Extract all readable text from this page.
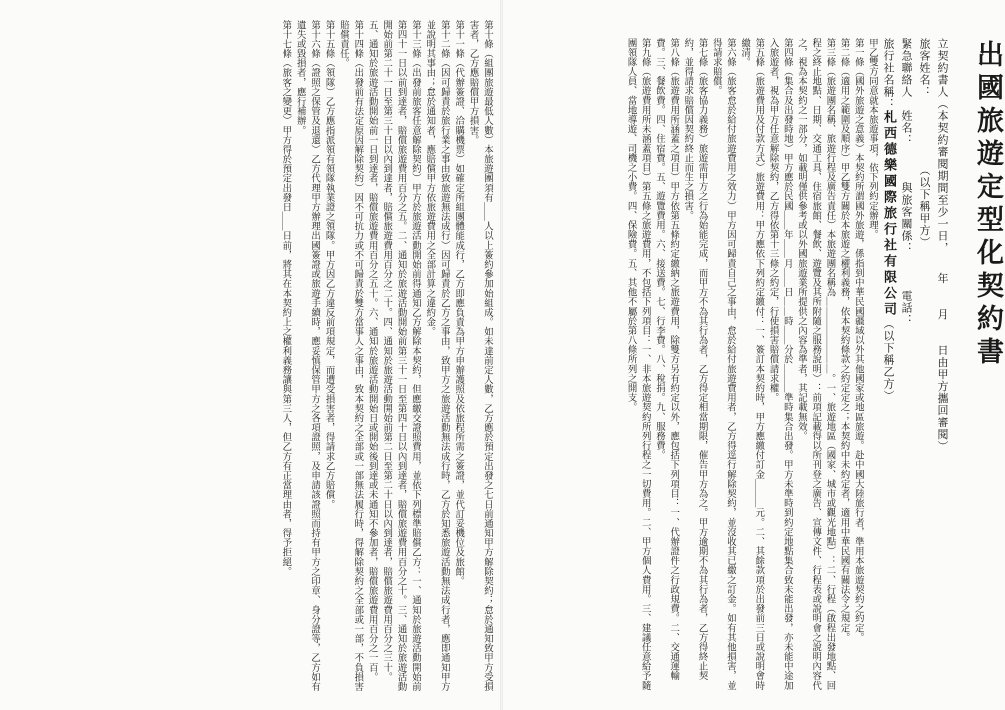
出國旅遊定型化契約書

立契約書人（本契約審閱期間至少一日，　　年　　月　　日由甲方攜回審閱）

旅客姓名：　　　　　　（以下稱甲方）

緊急聯絡人　姓名：　　　與旅客關係：　　　電話：

旅行社名稱：札西德樂國際旅行社有限公司（以下稱乙方）

甲乙雙方同意就本旅遊事項，依下列約定辦理。

第一條（國外旅遊之意義）本契約所謂國外旅遊，係指到中華民國疆域以外其他國家或地區旅遊。赴中國大陸旅行者，準用本旅遊契約之約定。

第二條（適用之範圍及順序）甲乙雙方關於本旅遊之權利義務，依本契約條款之約定定之；本契約中未約定者，適用中華民國有關法令之規定。

第三條（旅遊團名稱、旅遊行程及廣告責任）本旅遊團名稱為＿＿＿＿＿＿＿＿。一、旅遊地區（國家、城市或觀光地點）：二、行程（啟程出發地點、回程之終止地點、日期、交通工具、住宿旅館、餐飲、遊覽及其所附隨之服務說明）：前項記載得以所刊登之廣告、宣傳文件、行程表或說明會之說明內容代之，視為本契約之一部分，如載明僅供參考或以外國旅遊業所提供之內容為準者，其記載無效。

第四條（集合及出發時地）甲方應於民國＿＿年＿＿月＿＿日＿＿時＿＿分於＿＿＿準時集合出發。甲方未準時到約定地點集合致未能出發，亦未能中途加入旅遊者，視為甲方任意解除契約，乙方得依第十三條之約定，行使損害賠償請求權。

第五條（旅遊費用及付款方式）旅遊費用：甲方應依下列約定繳付：一、簽訂本契約時，甲方應繳付訂金＿＿＿元。二、其餘款項於出發前三日或說明會時繳清。

第六條（旅客怠於給付旅遊費用之效力）甲方因可歸責自己之事由，怠於給付旅遊費用者，乙方得逕行解除契約，並沒收其已繳之訂金。如有其他損害，並得請求賠償。

第七條（旅客協力義務）旅遊需甲方之行為始能完成，而甲方不為其行為者，乙方得定相當期限，催告甲方為之。甲方逾期不為其行為者，乙方得終止契約，並得請求賠償因契約終止而生之損害。

第八條（旅遊費用所涵蓋之項目）甲方依第五條約定繳納之旅遊費用，除雙方另有約定以外，應包括下列項目：一、代辦證件之行政規費。二、交通運輸費。三、餐飲費。四、住宿費。五、遊覽費用。六、接送費。七、行李費。八、稅捐。九、服務費。

第九條（旅遊費用所未涵蓋項目）第五條之旅遊費用，不包括下列項目：一、非本旅遊契約所列行程之一切費用。二、甲方個人費用。三、建議任意給予隨團領隊人員、當地導遊、司機之小費。四、保險費。五、其他不屬於第八條所列之開支。

第十條（組團旅遊最低人數）本旅遊團須有＿＿人以上簽約參加始組成。如未達前定人數，乙方應於預定出發之七日前通知甲方解除契約；怠於通知致甲方受損害者，乙方應賠償甲方損害。

第十一條（代辦簽證、洽購機票）如確定所組團體能成行，乙方即應負責為甲方申辦護照及依旅程所需之簽證，並代訂妥機位及旅館。

第十二條（因可歸責於旅行業之事由致旅遊無法成行）因可歸責於乙方之事由，致甲方之旅遊活動無法成行時，乙方於知悉旅遊活動無法成行者，應即通知甲方並說明其事由；怠於通知者，應賠償甲方依旅遊費用之全部計算之違約金。

第十三條（出發前旅客任意解除契約）甲方於旅遊活動開始前得通知乙方解除本契約，但應繳交證照費用，並依下列標準賠償乙方：一、通知於旅遊活動開始前第四十一日以前到達者，賠償旅遊費用百分之五。二、通知於旅遊活動開始前第三十一日至第四十日以內到達者，賠償旅遊費用百分之十。三、通知於旅遊活動開始前第二十一日至第三十日以內到達者，賠償旅遊費用百分之二十。四、通知於旅遊活動開始前第二日至第二十日以內到達者，賠償旅遊費用百分之三十。五、通知於旅遊活動開始前一日到達者，賠償旅遊費用百分之五十。六、通知於旅遊活動開始日或開始後到達或未通知不參加者，賠償旅遊費用百分之一百。

第十四條（出發前有法定原因解除契約）因不可抗力或不可歸責於雙方當事人之事由，致本契約之全部或一部無法履行時，得解除契約之全部或一部，不負損害賠償責任。

第十五條（領隊）乙方應指派領有領隊執業證之領隊。甲方因乙方違反前項規定，而遭受損害者，得請求乙方賠償。

第十六條（證照之保管及退還）乙方代理甲方辦理出國簽證或旅遊手續時，應妥慎保管甲方之各項證照，及申請該證照而持有甲方之印章、身分證等，乙方如有遺失或毀損者，應行補辦。

第十七條（旅客之變更）甲方得於預定出發日＿＿日前，將其在本契約上之權利義務讓與第三人，但乙方有正當理由者，得予拒絕。
